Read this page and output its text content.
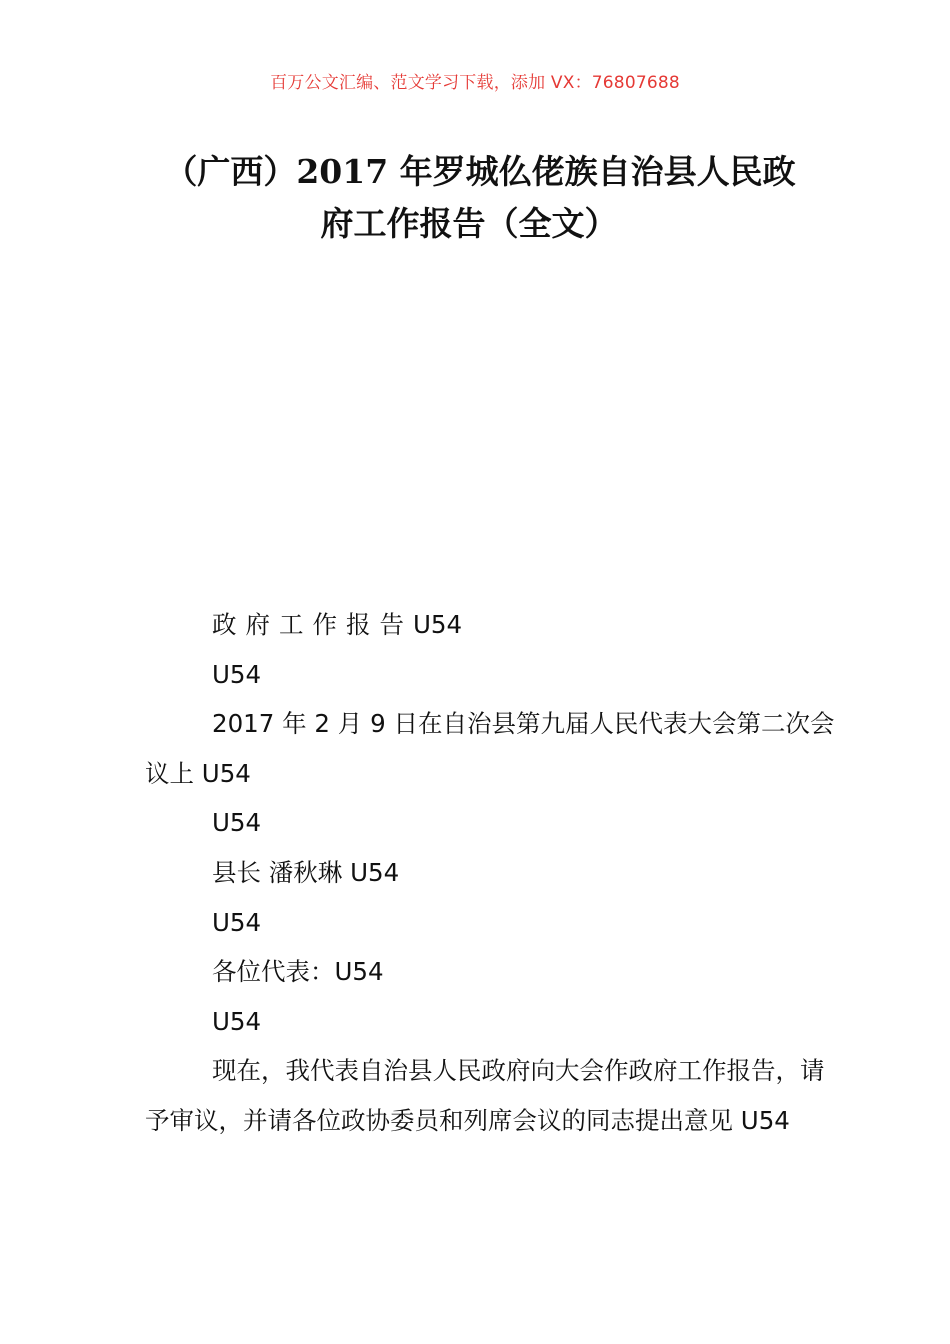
百万公文汇编、范文学习下载，添加 VX：76807688
（广西）2017 年罗城仫佬族自治县人民政
府工作报告（全文）

政府工作报告U54

U54

2017 年 2 月 9 日在自治县第九届人民代表大会第二次会议上 U54

U54

县长 潘秋琳 U54

U54

各位代表：U54

U54

现在，我代表自治县人民政府向大会作政府工作报告，请予审议，并请各位政协委员和列席会议的同志提出意见 U54
